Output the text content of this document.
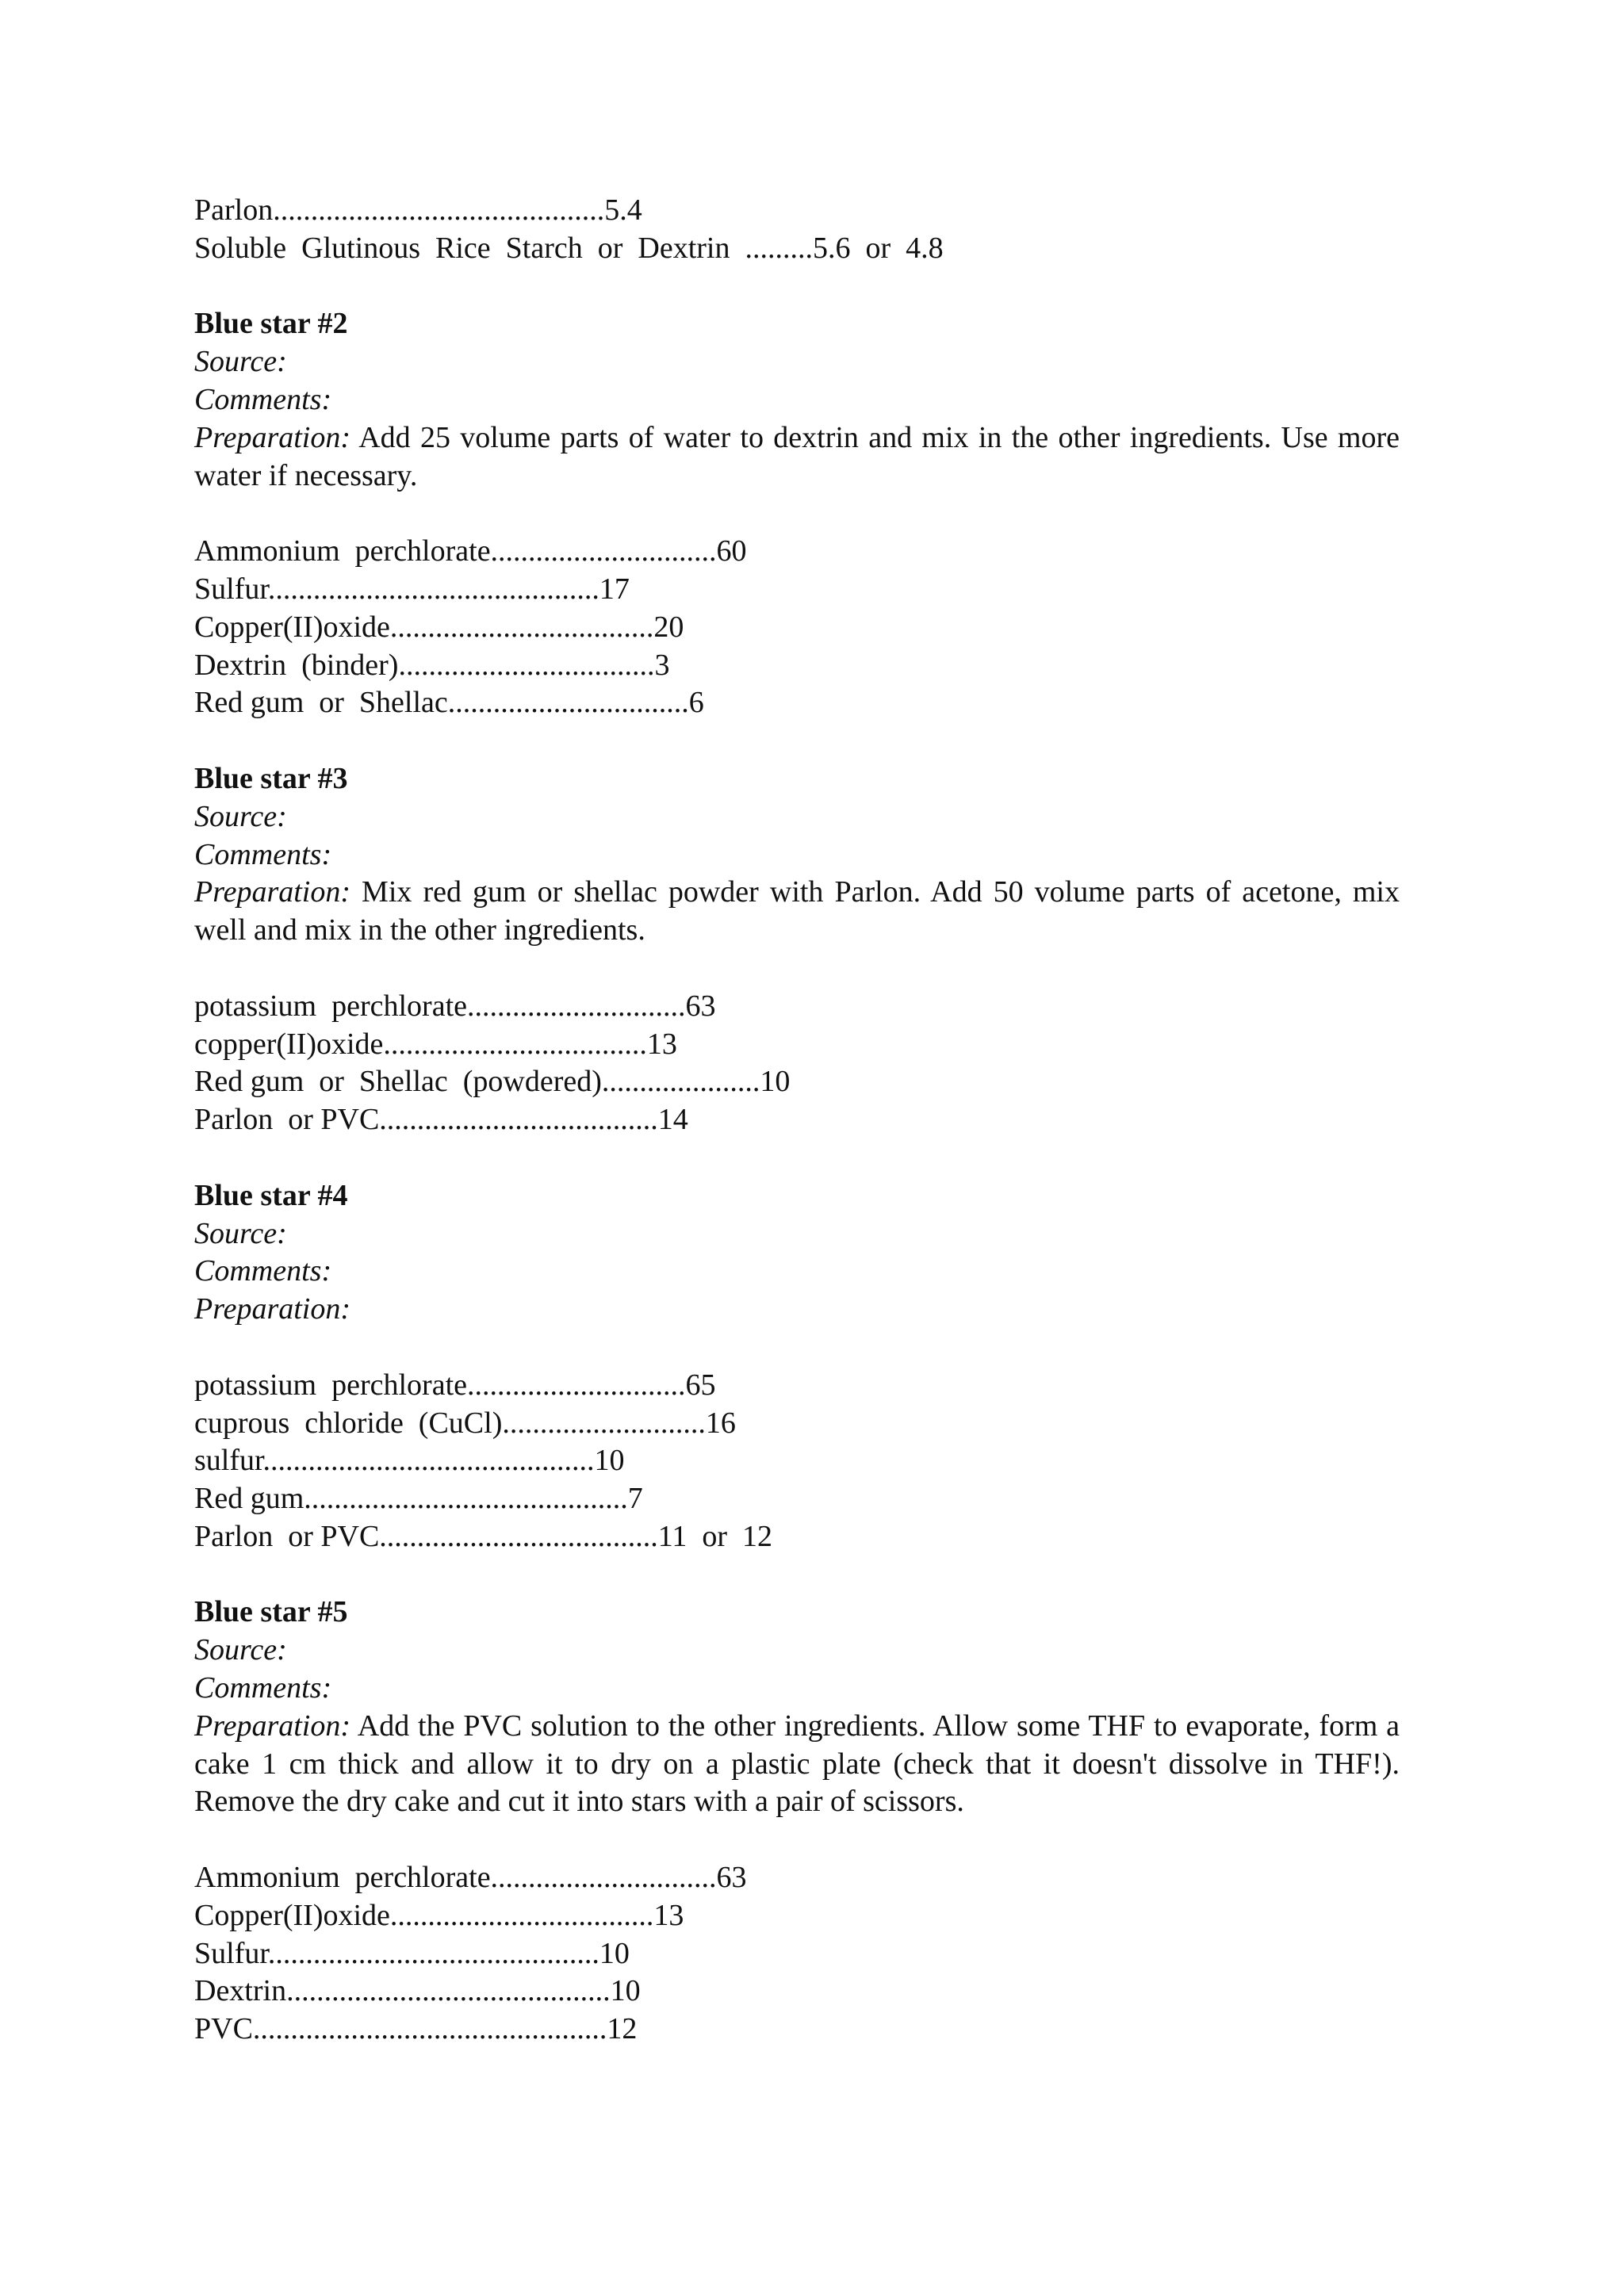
Parlon............................................5.4
Soluble  Glutinous  Rice  Starch  or  Dextrin  .........5.6  or  4.8
Blue star #2
Source:
Comments:
Preparation: Add 25 volume parts of water to dextrin and mix in the other ingredients. Use more water if necessary.
Ammonium  perchlorate..............................60
Sulfur............................................17
Copper(II)oxide...................................20
Dextrin  (binder)..................................3
Red gum  or  Shellac................................6
Blue star #3
Source:
Comments:
Preparation: Mix red gum or shellac powder with Parlon. Add 50 volume parts of acetone, mix well and mix in the other ingredients.
potassium  perchlorate.............................63
copper(II)oxide...................................13
Red gum  or  Shellac  (powdered).....................10
Parlon  or PVC.....................................14
Blue star #4
Source:
Comments:
Preparation:
potassium  perchlorate.............................65
cuprous  chloride  (CuCl)...........................16
sulfur............................................10
Red gum...........................................7
Parlon  or PVC.....................................11  or  12
Blue star #5
Source:
Comments:
Preparation: Add the PVC solution to the other ingredients. Allow some THF to evaporate, form a cake 1 cm thick and allow it to dry on a plastic plate (check that it doesn't dissolve in THF!). Remove the dry cake and cut it into stars with a pair of scissors.
Ammonium  perchlorate..............................63
Copper(II)oxide...................................13
Sulfur............................................10
Dextrin...........................................10
PVC...............................................12
